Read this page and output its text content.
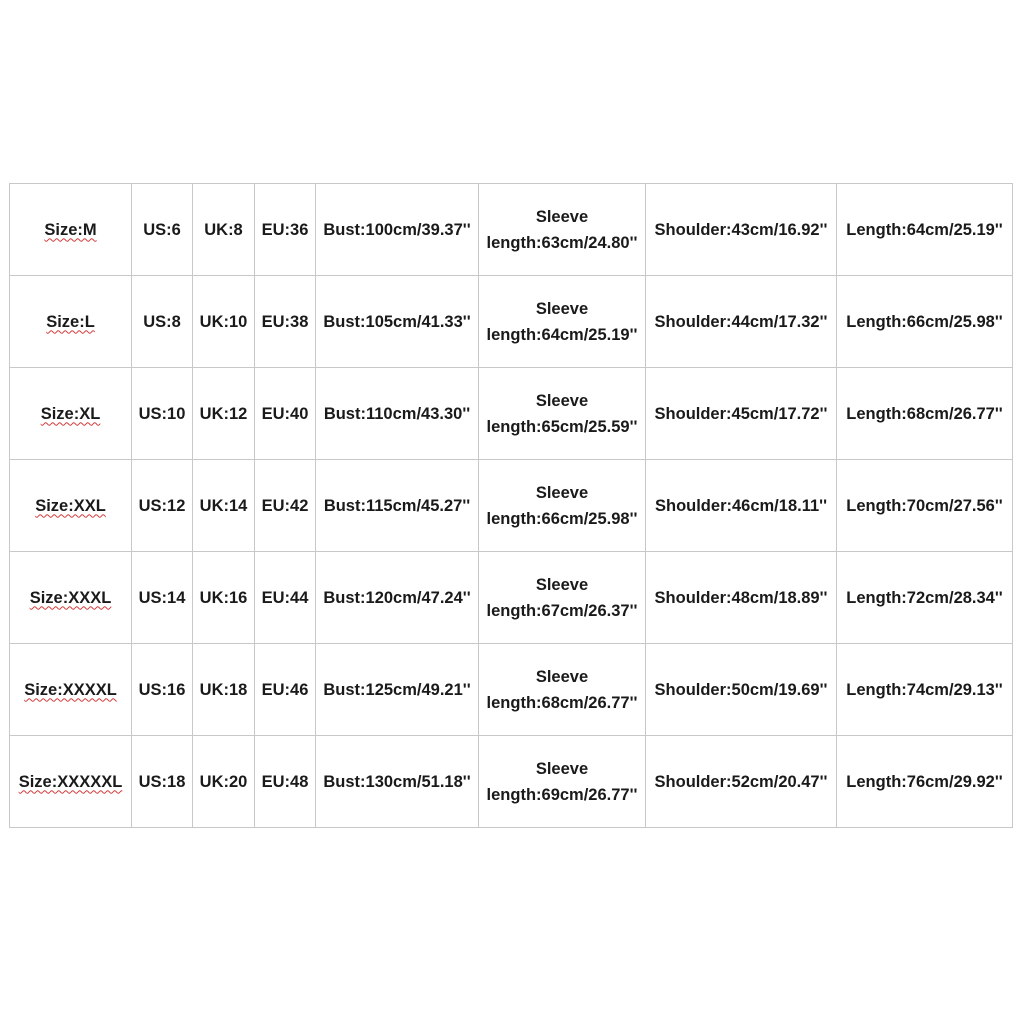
Size:M	US:6	UK:8	EU:36	Bust:100cm/39.37''	Sleeve
length:63cm/24.80''	Shoulder:43cm/16.92''	Length:64cm/25.19''
Size:L	US:8	UK:10	EU:38	Bust:105cm/41.33''	Sleeve
length:64cm/25.19''	Shoulder:44cm/17.32''	Length:66cm/25.98''
Size:XL	US:10	UK:12	EU:40	Bust:110cm/43.30''	Sleeve
length:65cm/25.59''	Shoulder:45cm/17.72''	Length:68cm/26.77''
Size:XXL	US:12	UK:14	EU:42	Bust:115cm/45.27''	Sleeve
length:66cm/25.98''	Shoulder:46cm/18.11''	Length:70cm/27.56''
Size:XXXL	US:14	UK:16	EU:44	Bust:120cm/47.24''	Sleeve
length:67cm/26.37''	Shoulder:48cm/18.89''	Length:72cm/28.34''
Size:XXXXL	US:16	UK:18	EU:46	Bust:125cm/49.21''	Sleeve
length:68cm/26.77''	Shoulder:50cm/19.69''	Length:74cm/29.13''
Size:XXXXXL	US:18	UK:20	EU:48	Bust:130cm/51.18''	Sleeve
length:69cm/26.77''	Shoulder:52cm/20.47''	Length:76cm/29.92''
